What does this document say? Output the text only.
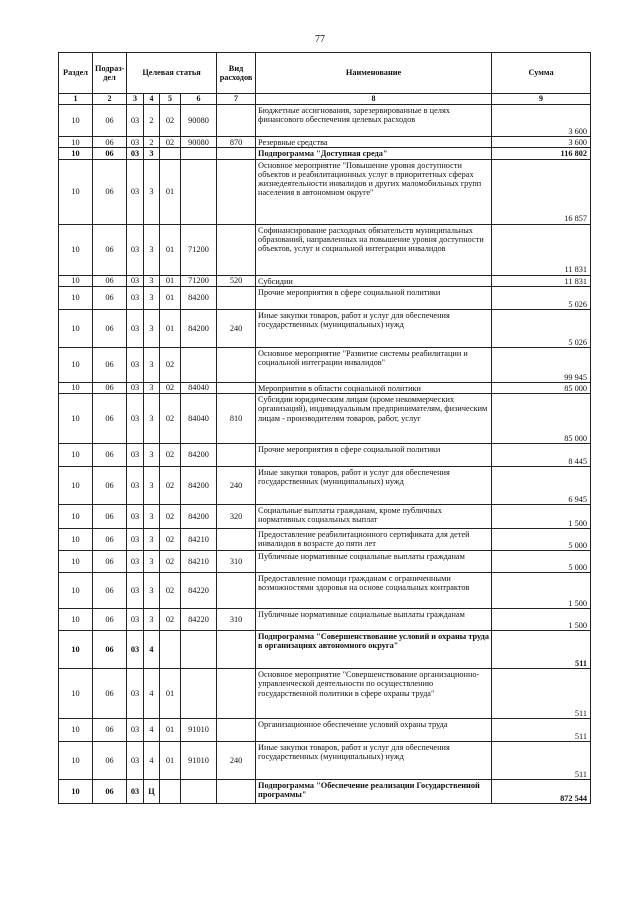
77
Раздел	Подраз-дел	Целевая статья				Вид расходов	Наименование	Сумма
1	2	3	4	5	6	7	8	9
10	06	03	2	02	90080		Бюджетные ассигнования, зарезервированные в целях финансового обеспечения целевых расходов	3 600
10	06	03	2	02	90080	870	Резервные средства	3 600
10	06	03	3				Подпрограмма "Доступная среда"	116 802
10	06	03	3	01			Основное мероприятие "Повышение уровня доступности объектов и реабилитационных услуг в приоритетных сферах жизнедеятельности инвалидов и других маломобильных групп населения в автономном округе"	16 857
10	06	03	3	01	71200		Софинансирование расходных обязательств муниципальных образований, направленных на повышение уровня доступности объектов, услуг и социальной интеграции инвалидов	11 831
10	06	03	3	01	71200	520	Субсидии	11 831
10	06	03	3	01	84200		Прочие мероприятия в сфере социальной политики	5 026
10	06	03	3	01	84200	240	Иные закупки товаров, работ и услуг для обеспечения государственных (муниципальных) нужд	5 026
10	06	03	3	02			Основное мероприятие "Развитие системы реабилитации и социальной интеграции инвалидов"	99 945
10	06	03	3	02	84040		Мероприятия в области социальной политики	85 000
10	06	03	3	02	84040	810	Субсидии юридическим лицам (кроме некоммерческих организаций), индивидуальным предпринимателям, физическим лицам - производителям товаров, работ, услуг	85 000
10	06	03	3	02	84200		Прочие мероприятия в сфере социальной политики	8 445
10	06	03	3	02	84200	240	Иные закупки товаров, работ и услуг для обеспечения государственных (муниципальных) нужд	6 945
10	06	03	3	02	84200	320	Социальные выплаты гражданам, кроме публичных нормативных социальных выплат	1 500
10	06	03	3	02	84210		Предоставление реабилитационного сертификата для детей инвалидов в возрасте до пяти лет	5 000
10	06	03	3	02	84210	310	Публичные нормативные социальные выплаты гражданам	5 000
10	06	03	3	02	84220		Предоставление помощи гражданам с ограниченными возможностями здоровья на основе социальных контрактов	1 500
10	06	03	3	02	84220	310	Публичные нормативные социальные выплаты гражданам	1 500
10	06	03	4				Подпрограмма "Совершенствование условий и охраны труда в организациях автономного округа"	511
10	06	03	4	01			Основное мероприятие "Совершенствование организационно-управленческой деятельности по осуществлению государственной политики в сфере охраны труда"	511
10	06	03	4	01	91010		Организационное обеспечение условий охраны труда	511
10	06	03	4	01	91010	240	Иные закупки товаров, работ и услуг для обеспечения государственных (муниципальных) нужд	511
10	06	03	Ц				Подпрограмма "Обеспечение реализации Государственной программы"	872 544
